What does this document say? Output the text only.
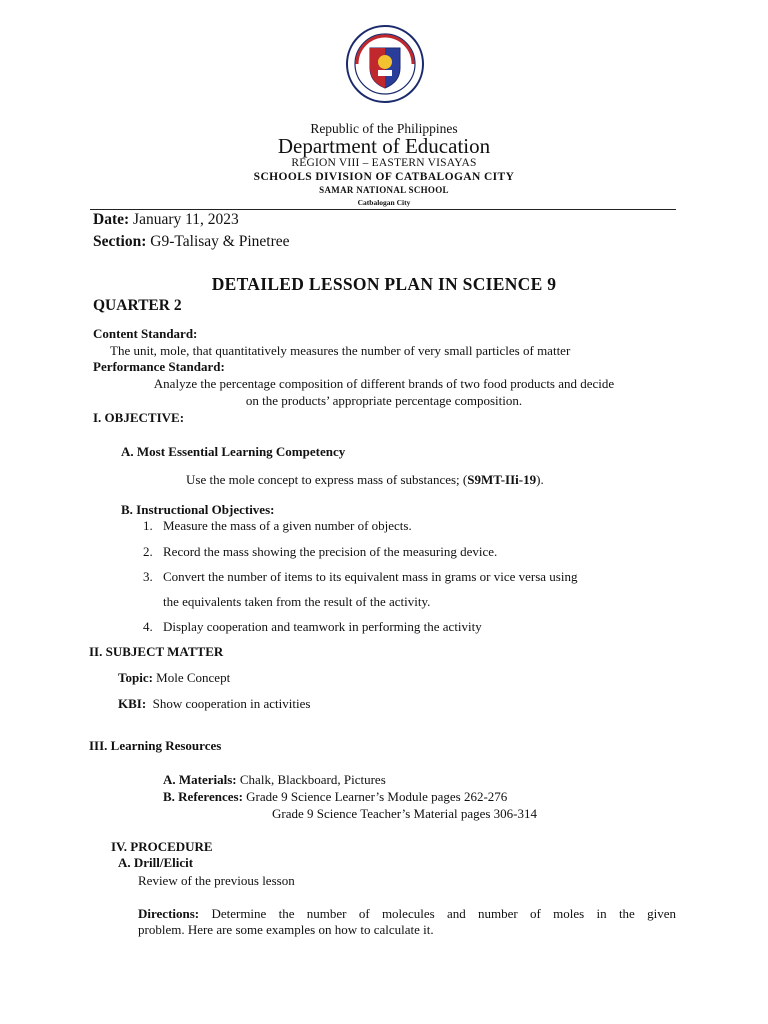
Republic of the Philippines
Department of Education
REGION VIII – EASTERN VISAYAS
SCHOOLS DIVISION OF CATBALOGAN CITY
SAMAR NATIONAL SCHOOL
Catbalogan City
Date: January 11, 2023
Section: G9-Talisay & Pinetree
DETAILED LESSON PLAN IN SCIENCE 9
QUARTER 2
Content Standard:
The unit, mole, that quantitatively measures the number of very small particles of matter
Performance Standard:
Analyze the percentage composition of different brands of two food products and decide
on the products’ appropriate percentage composition.
I. OBJECTIVE:
A. Most Essential Learning Competency
Use the mole concept to express mass of substances; (S9MT-IIi-19).
B. Instructional Objectives:
1. Measure the mass of a given number of objects.
2. Record the mass showing the precision of the measuring device.
3. Convert the number of items to its equivalent mass in grams or vice versa using
the equivalents taken from the result of the activity.
4. Display cooperation and teamwork in performing the activity
II. SUBJECT MATTER
Topic: Mole Concept
KBI: Show cooperation in activities
III. Learning Resources
A. Materials: Chalk, Blackboard, Pictures
B. References: Grade 9 Science Learner’s Module pages 262-276
Grade 9 Science Teacher’s Material pages 306-314
IV. PROCEDURE
A. Drill/Elicit
Review of the previous lesson
Directions: Determine the number of molecules and number of moles in the given
problem. Here are some examples on how to calculate it.
